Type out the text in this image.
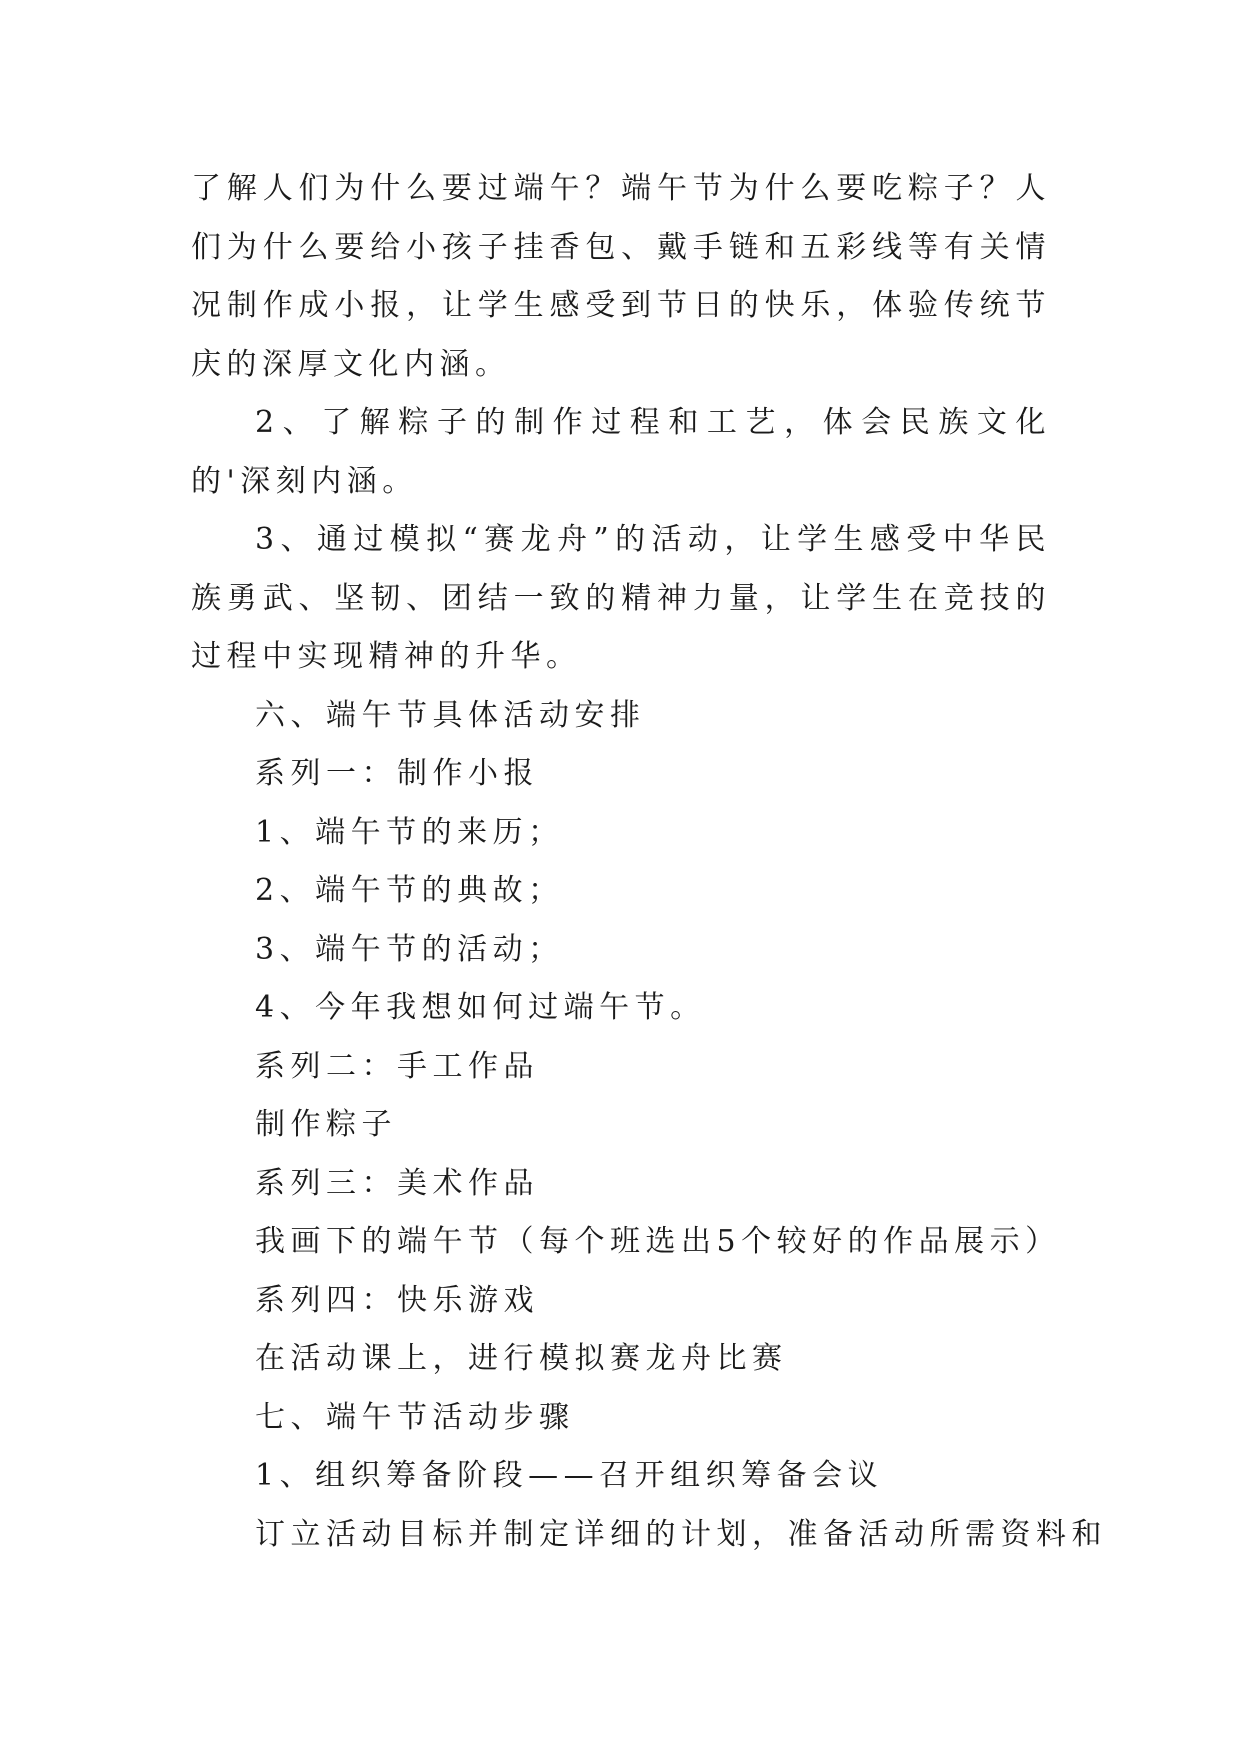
了解人们为什么要过端午？端午节为什么要吃粽子？人们为什么要给小孩子挂香包、戴手链和五彩线等有关情况制作成小报，让学生感受到节日的快乐，体验传统节庆的深厚文化内涵。

2、了解粽子的制作过程和工艺，体会民族文化的'深刻内涵。

3、通过模拟“赛龙舟”的活动，让学生感受中华民族勇武、坚韧、团结一致的精神力量，让学生在竞技的过程中实现精神的升华。

六、端午节具体活动安排

系列一：制作小报

1、端午节的来历；

2、端午节的典故；

3、端午节的活动；

4、今年我想如何过端午节。

系列二：手工作品

制作粽子

系列三：美术作品

我画下的端午节（每个班选出5个较好的作品展示）

系列四：快乐游戏

在活动课上，进行模拟赛龙舟比赛

七、端午节活动步骤

1、组织筹备阶段——召开组织筹备会议

订立活动目标并制定详细的计划，准备活动所需资料和
